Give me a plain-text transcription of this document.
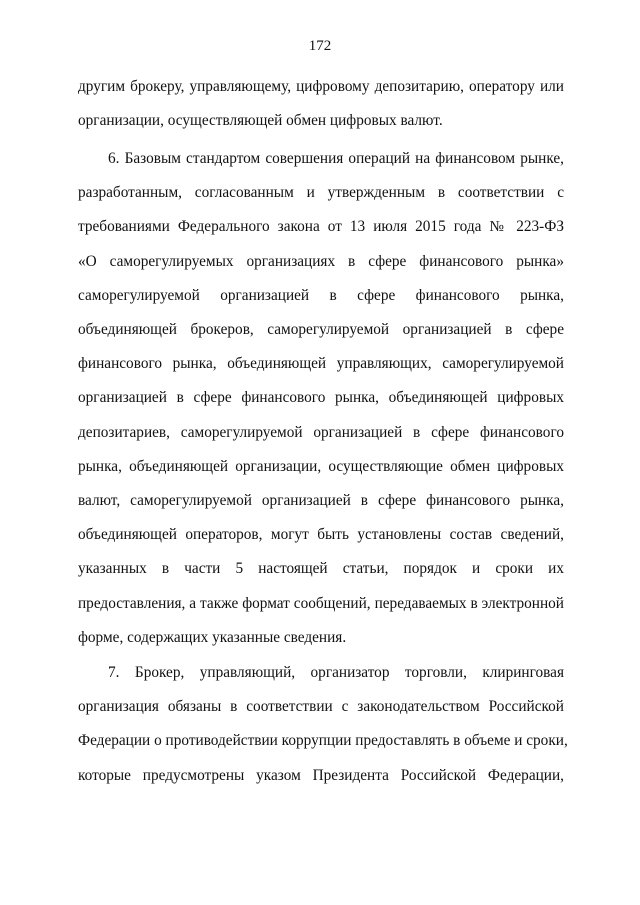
172
другим брокеру, управляющему, цифровому депозитарию, оператору или
организации, осуществляющей обмен цифровых валют.
6. Базовым стандартом совершения операций на финансовом рынке,
разработанным, согласованным и утвержденным в соответствии с
требованиями Федерального закона от 13 июля 2015 года № 223-ФЗ
«О саморегулируемых организациях в сфере финансового рынка»
саморегулируемой организацией в сфере финансового рынка,
объединяющей брокеров, саморегулируемой организацией в сфере
финансового рынка, объединяющей управляющих, саморегулируемой
организацией в сфере финансового рынка, объединяющей цифровых
депозитариев, саморегулируемой организацией в сфере финансового
рынка, объединяющей организации, осуществляющие обмен цифровых
валют, саморегулируемой организацией в сфере финансового рынка,
объединяющей операторов, могут быть установлены состав сведений,
указанных в части 5 настоящей статьи, порядок и сроки их
предоставления, а также формат сообщений, передаваемых в электронной
форме, содержащих указанные сведения.
7. Брокер, управляющий, организатор торговли, клиринговая
организация обязаны в соответствии с законодательством Российской
Федерации о противодействии коррупции предоставлять в объеме и сроки,
которые предусмотрены указом Президента Российской Федерации,
